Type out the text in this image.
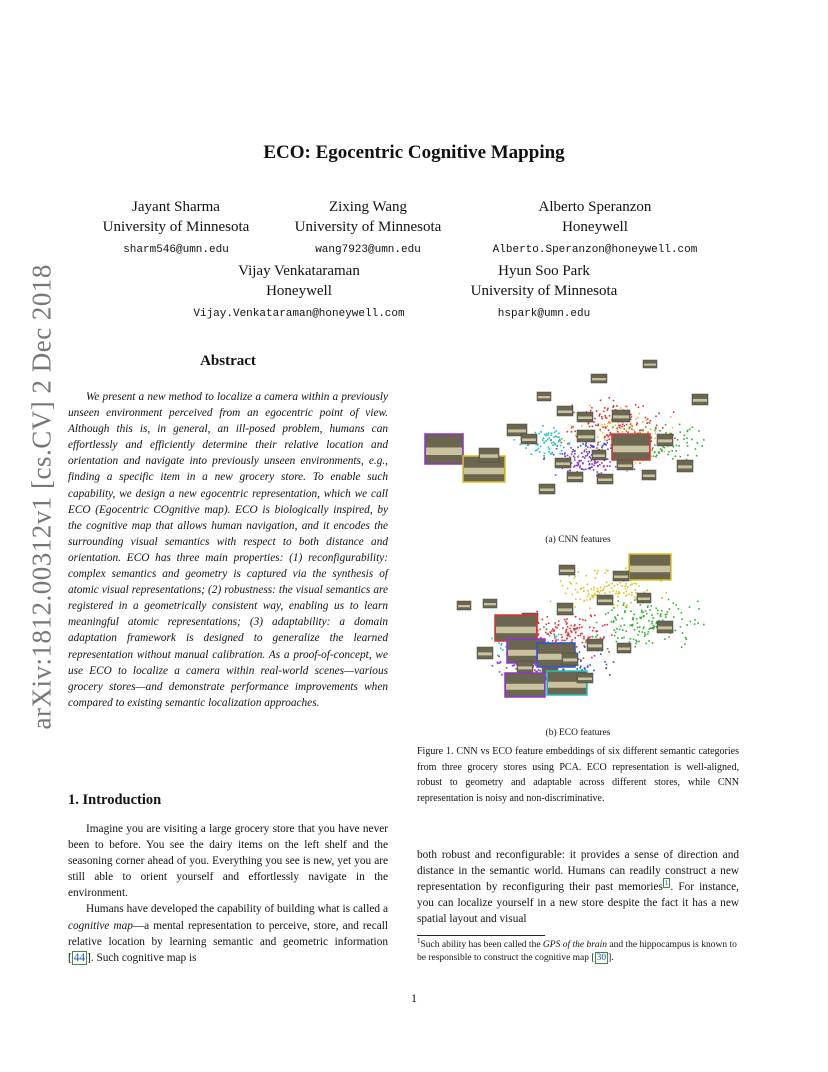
arXiv:1812.00312v1 [cs.CV] 2 Dec 2018
ECO: Egocentric Cognitive Mapping
Jayant Sharma
University of Minnesota
sharm546@umn.edu
Zixing Wang
University of Minnesota
wang7923@umn.edu
Alberto Speranzon
Honeywell
Alberto.Speranzon@honeywell.com
Vijay Venkataraman
Honeywell
Vijay.Venkataraman@honeywell.com
Hyun Soo Park
University of Minnesota
hspark@umn.edu
Abstract
We present a new method to localize a camera within a previously unseen environment perceived from an egocentric point of view. Although this is, in general, an ill-posed problem, humans can effortlessly and efficiently determine their relative location and orientation and navigate into previously unseen environments, e.g., finding a specific item in a new grocery store. To enable such capability, we design a new egocentric representation, which we call ECO (Egocentric COgnitive map). ECO is biologically inspired, by the cognitive map that allows human navigation, and it encodes the surrounding visual semantics with respect to both distance and orientation. ECO has three main properties: (1) reconfigurability: complex semantics and geometry is captured via the synthesis of atomic visual representations; (2) robustness: the visual semantics are registered in a geometrically consistent way, enabling us to learn meaningful atomic representations; (3) adaptability: a domain adaptation framework is designed to generalize the learned representation without manual calibration. As a proof-of-concept, we use ECO to localize a camera within real-world scenes—various grocery stores—and demonstrate performance improvements when compared to existing semantic localization approaches.
1. Introduction

Imagine you are visiting a large grocery store that you have never been to before. You see the dairy items on the left shelf and the seasoning corner ahead of you. Everything you see is new, yet you are still able to orient yourself and effortlessly navigate in the environment.

Humans have developed the capability of building what is called a cognitive map—a mental representation to perceive, store, and recall relative location by learning semantic and geometric information [ 44 ]. Such cognitive map is

(a) CNN features
(b) ECO features
Figure 1. CNN vs ECO feature embeddings of six different semantic categories from three grocery stores using PCA. ECO representation is well-aligned, robust to geometry and adaptable across different stores, while CNN representation is noisy and non-discriminative.
both robust and reconfigurable: it provides a sense of direction and distance in the semantic world. Humans can readily construct a new representation by reconfiguring their past memories $^1$ . For instance, you can localize yourself in a new store despite the fact it has a new spatial layout and visual
$^1$Such ability has been called the GPS of the brain and the hippocampus is known to be responsible to construct the cognitive map [ 30 ].
1
